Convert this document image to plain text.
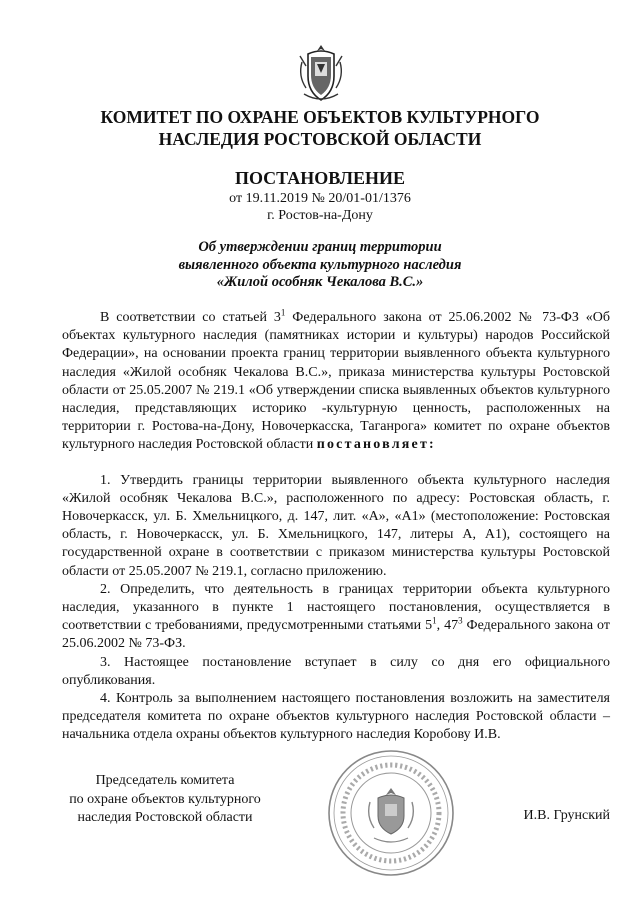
КОМИТЕТ ПО ОХРАНЕ ОБЪЕКТОВ КУЛЬТУРНОГО
НАСЛЕДИЯ РОСТОВСКОЙ ОБЛАСТИ
ПОСТАНОВЛЕНИЕ
от 19.11.2019 № 20/01-01/1376
г. Ростов-на-Дону
Об утверждении границ территории
выявленного объекта культурного наследия
«Жилой особняк Чекалова В.С.»

В соответствии со статьей $3^1$ Федерального закона от 25.06.2002 № 73-ФЗ «Об объектах культурного наследия (памятниках истории и культуры) народов Российской Федерации», на основании проекта границ территории выявленного объекта культурного наследия «Жилой особняк Чекалова В.С.», приказа министерства культуры Ростовской области от 25.05.2007 № 219.1 «Об утверждении списка выявленных объектов культурного наследия, представляющих историко -культурную ценность, расположенных на территории г. Ростова-на-Дону, Новочеркасска, Таганрога» комитет по охране объектов культурного наследия Ростовской области постановляет:

1. Утвердить границы территории выявленного объекта культурного наследия «Жилой особняк Чекалова В.С.», расположенного по адресу: Ростовская область, г. Новочеркасск, ул. Б. Хмельницкого, д. 147, лит. «А», «А1» (местоположение: Ростовская область, г. Новочеркасск, ул. Б. Хмельницкого, 147, литеры А, А1), состоящего на государственной охране в соответствии с приказом министерства культуры Ростовской области от 25.05.2007 № 219.1, согласно приложению.

2. Определить, что деятельность в границах территории объекта культурного наследия, указанного в пункте 1 настоящего постановления, осуществляется в соответствии с требованиями, предусмотренными статьями $5^1$, $47^3$ Федерального закона от 25.06.2002 № 73-ФЗ.

3. Настоящее постановление вступает в силу со дня его официального опубликования.

4. Контроль за выполнением настоящего постановления возложить на заместителя председателя комитета по охране объектов культурного наследия Ростовской области – начальника отдела охраны объектов культурного наследия Коробову И.В.

Председатель комитета
по охране объектов культурного
наследия Ростовской области	И.В. Грунский
